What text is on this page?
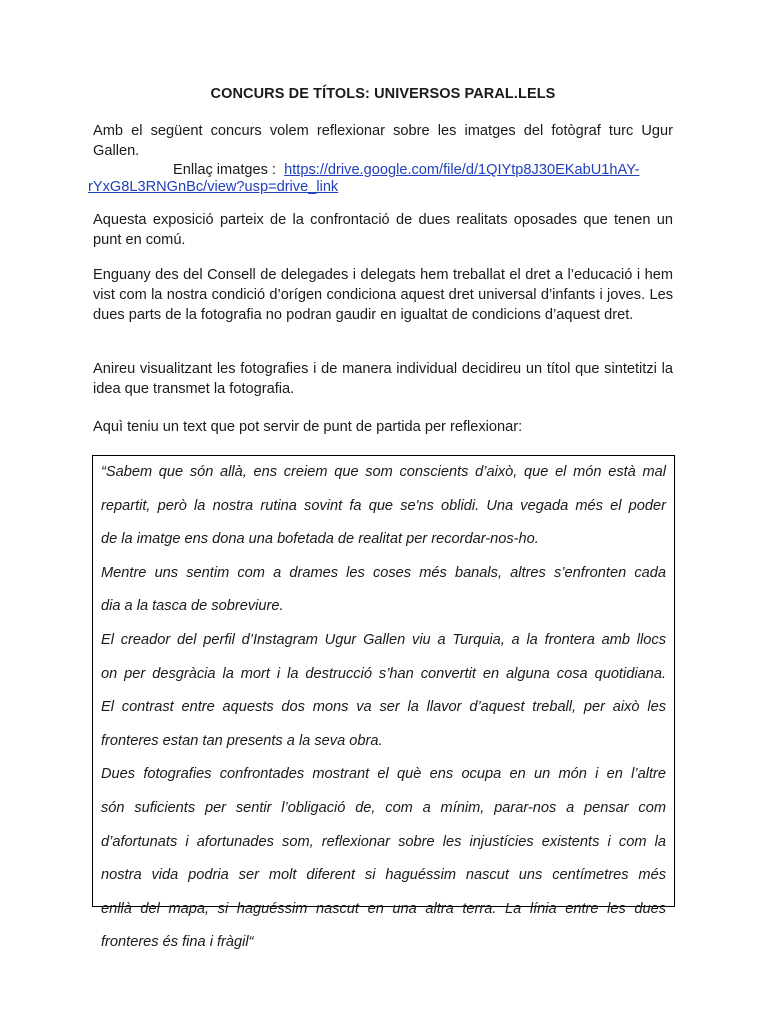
CONCURS DE TÍTOLS: UNIVERSOS PARAL.LELS
Amb el següent concurs volem reflexionar sobre les imatges del fotògraf turc Ugur
Gallen.
Enllaç imatges : https://drive.google.com/file/d/1QIYtp8J30EKabU1hAY-
rYxG8L3RNGnBc/view?usp=drive_link

Aquesta exposició parteix de la confrontació de dues realitats oposades que tenen un punt en comú.

Enguany des del Consell de delegades i delegats hem treballat el dret a l’educació i hem vist com la nostra condició d’orígen condiciona aquest dret universal d’infants i joves. Les dues parts de la fotografia no podran gaudir en igualtat de condicions d’aquest dret.

Anireu visualitzant les fotografies i de manera individual decidireu un títol que sintetitzi la idea que transmet la fotografia.

Aquì teniu un text que pot servir de punt de partida per reflexionar:

“Sabem que són allà, ens creiem que som conscients d’això, que el món està mal
repartit, però la nostra rutina sovint fa que se'ns oblidi. Una vegada més el poder
de la imatge ens dona una bofetada de realitat per recordar-nos-ho.
Mentre uns sentim com a drames les coses més banals, altres s’enfronten cada
dia a la tasca de sobreviure.
El creador del perfil d’Instagram Ugur Gallen viu a Turquia, a la frontera amb llocs
on per desgràcia la mort i la destrucció s’han convertit en alguna cosa quotidiana.
El contrast entre aquests dos mons va ser la llavor d’aquest treball, per això les
fronteres estan tan presents a la seva obra.
Dues fotografies confrontades mostrant el què ens ocupa en un món i en l’altre
són suficients per sentir l’obligació de, com a mínim, parar-nos a pensar com
d’afortunats i afortunades som, reflexionar sobre les injustícies existents i com la
nostra vida podria ser molt diferent si haguéssim nascut uns centímetres més
enllà del mapa, si haguéssim nascut en una altra terra. La línia entre les dues
fronteres és fina i fràgil“
